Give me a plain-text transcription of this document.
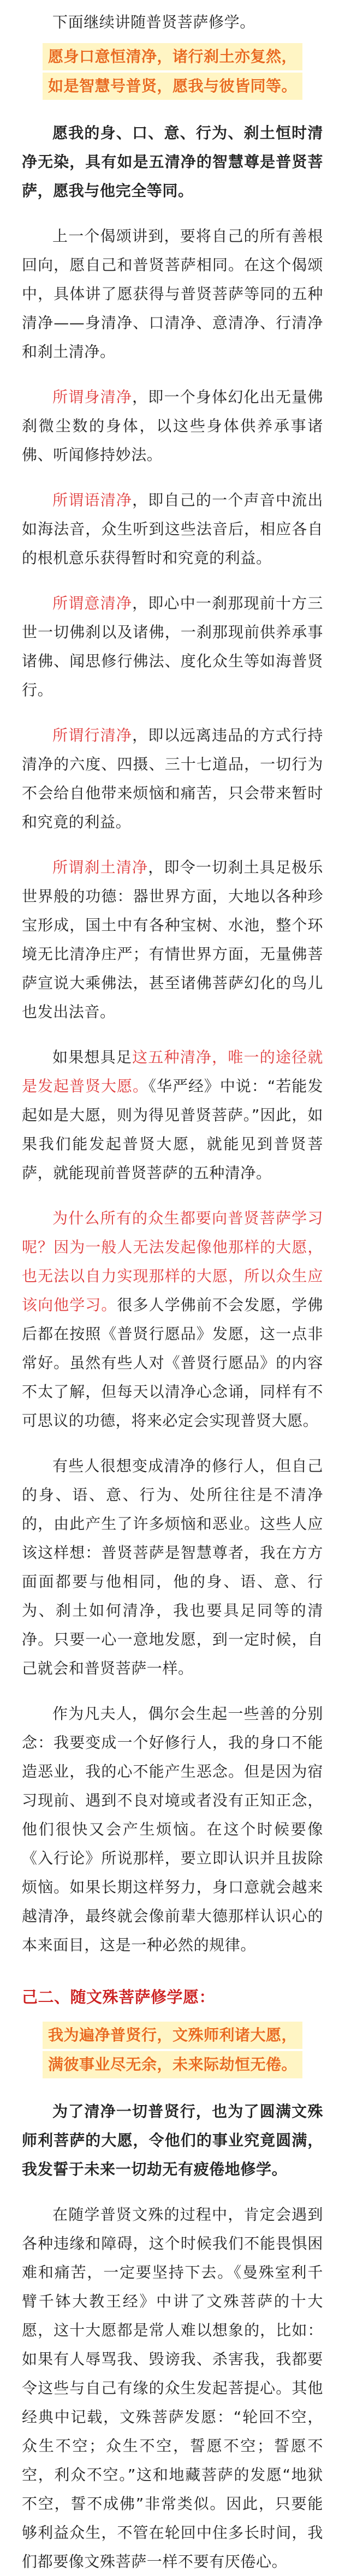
下面继续讲随普贤菩萨修学。

愿身口意恒清净，诸行刹土亦复然，
如是智慧号普贤，愿我与彼皆同等。

愿我的身、口、意、行为、刹土恒时清净无染，具有如是五清净的智慧尊是普贤菩萨，愿我与他完全等同。

上一个偈颂讲到，要将自己的所有善根回向，愿自己和普贤菩萨相同。在这个偈颂中，具体讲了愿获得与普贤菩萨等同的五种清净——身清净、口清净、意清净、行清净和刹土清净。

所谓身清净，即一个身体幻化出无量佛刹微尘数的身体，以这些身体供养承事诸佛、听闻修持妙法。

所谓语清净，即自己的一个声音中流出如海法音，众生听到这些法音后，相应各自的根机意乐获得暂时和究竟的利益。

所谓意清净，即心中一刹那现前十方三世一切佛刹以及诸佛，一刹那现前供养承事诸佛、闻思修行佛法、度化众生等如海普贤行。

所谓行清净，即以远离违品的方式行持清净的六度、四摄、三十七道品，一切行为不会给自他带来烦恼和痛苦，只会带来暂时和究竟的利益。

所谓刹土清净，即令一切刹土具足极乐世界般的功德：器世界方面，大地以各种珍宝形成，国土中有各种宝树、水池，整个环境无比清净庄严；有情世界方面，无量佛菩萨宣说大乘佛法，甚至诸佛菩萨幻化的鸟儿也发出法音。

如果想具足这五种清净，唯一的途径就是发起普贤大愿。《华严经》中说：“若能发起如是大愿，则为得见普贤菩萨。”因此，如果我们能发起普贤大愿，就能见到普贤菩萨，就能现前普贤菩萨的五种清净。

为什么所有的众生都要向普贤菩萨学习呢？因为一般人无法发起像他那样的大愿，也无法以自力实现那样的大愿，所以众生应该向他学习。很多人学佛前不会发愿，学佛后都在按照《普贤行愿品》发愿，这一点非常好。虽然有些人对《普贤行愿品》的内容不太了解，但每天以清净心念诵，同样有不可思议的功德，将来必定会实现普贤大愿。

有些人很想变成清净的修行人，但自己的身、语、意、行为、处所往往是不清净的，由此产生了许多烦恼和恶业。这些人应该这样想：普贤菩萨是智慧尊者，我在方方面面都要与他相同，他的身、语、意、行为、刹土如何清净，我也要具足同等的清净。只要一心一意地发愿，到一定时候，自己就会和普贤菩萨一样。

作为凡夫人，偶尔会生起一些善的分别念：我要变成一个好修行人，我的身口不能造恶业，我的心不能产生恶念。但是因为宿习现前、遇到不良对境或者没有正知正念，他们很快又会产生烦恼。在这个时候要像《入行论》所说那样，要立即认识并且拔除烦恼。如果长期这样努力，身口意就会越来越清净，最终就会像前辈大德那样认识心的本来面目，这是一种必然的规律。

己二、随文殊菩萨修学愿：
我为遍净普贤行，文殊师利诸大愿，
满彼事业尽无余，未来际劫恒无倦。

为了清净一切普贤行，也为了圆满文殊师利菩萨的大愿，令他们的事业究竟圆满，我发誓于未来一切劫无有疲倦地修学。

在随学普贤文殊的过程中，肯定会遇到各种违缘和障碍，这个时候我们不能畏惧困难和痛苦，一定要坚持下去。《曼殊室利千臂千钵大教王经》中讲了文殊菩萨的十大愿，这十大愿都是常人难以想象的，比如：如果有人辱骂我、毁谤我、杀害我，我都要令这些与自己有缘的众生发起菩提心。其他经典中记载，文殊菩萨发愿：“轮回不空，众生不空；众生不空，誓愿不空；誓愿不空，利众不空。”这和地藏菩萨的发愿“地狱不空，誓不成佛”非常类似。因此，只要能够利益众生，不管在轮回中住多长时间，我们都要像文殊菩萨一样不要有厌倦心。
